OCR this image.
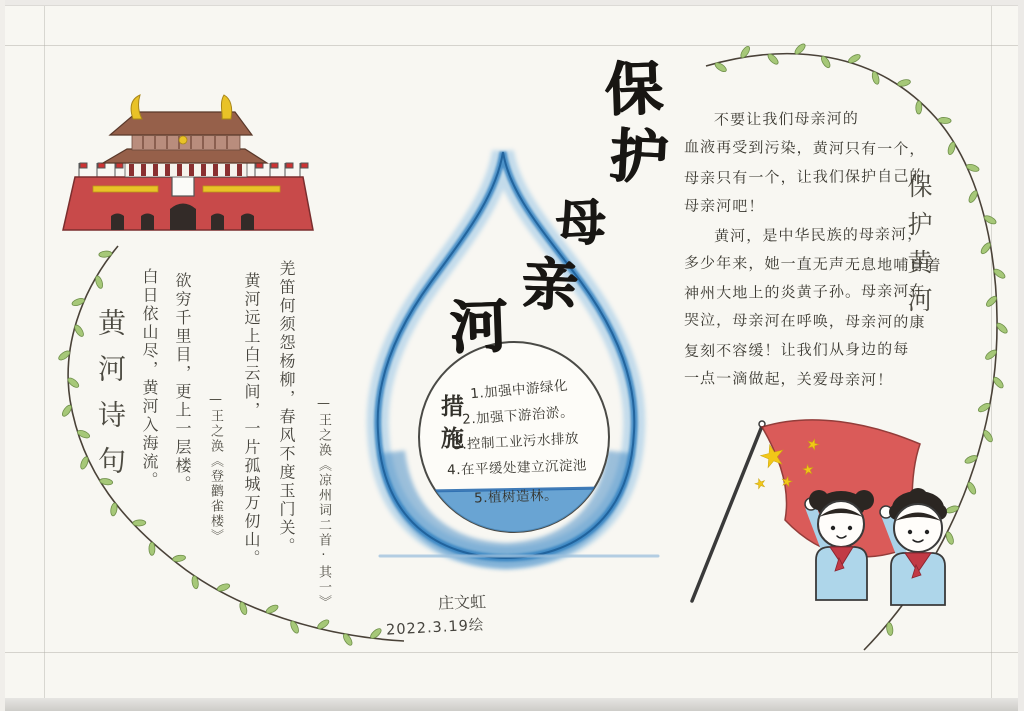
★ ★
★
★
★
黄河诗句
保护黄河
措施
保
护
母
亲
河
白日依山尽，黄河入海流。 欲穷千里目，更上一层楼。 —王之涣《登鹳雀楼》 黄河远上白云间，一片孤城万仞山。 羌笛何须怨杨柳，春风不度玉门关。 —王之涣《凉州词二首·其一》
1.加强中游绿化
2.加强下游治淤。
3.控制工业污水排放
4.在平缓处建立沉淀池
5.植树造林。
不要让我们母亲河的
血液再受到污染，黄河只有一个，
母亲只有一个，让我们保护自己的
母亲河吧！
黄河，是中华民族的母亲河，
多少年来，她一直无声无息地哺育着
神州大地上的炎黄子孙。母亲河在
哭泣，母亲河在呼唤，母亲河的康
复刻不容缓！让我们从身边的每
一点一滴做起，关爱母亲河！
庄文虹
2022.3.19绘
